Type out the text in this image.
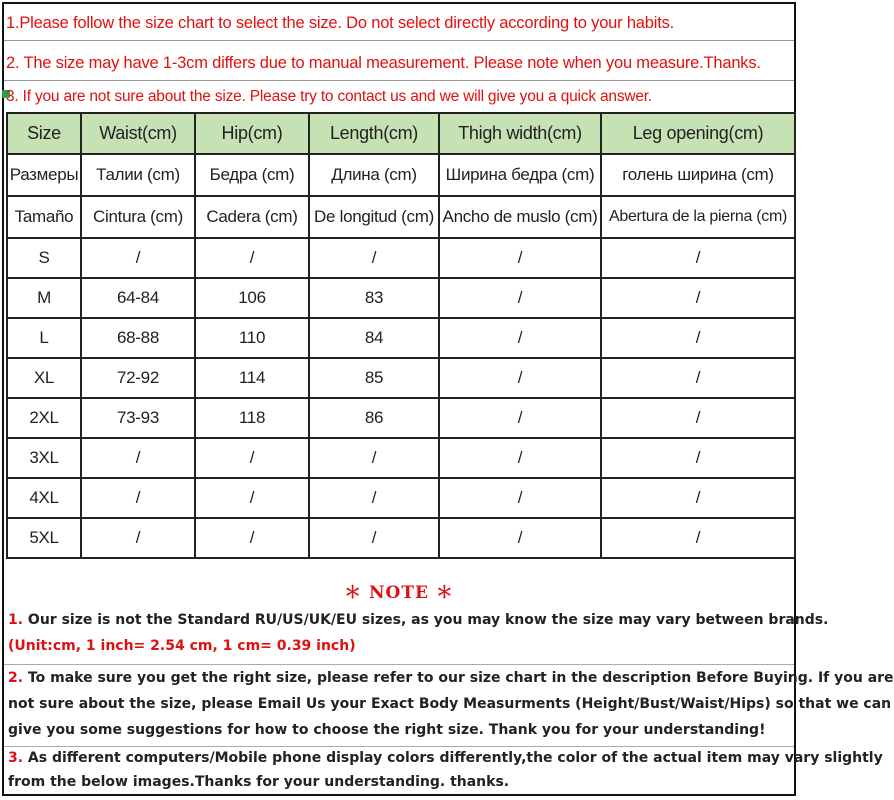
1.Please follow the size chart to select the size. Do not select directly according to your habits.
2. The size may have 1-3cm differs due to manual measurement. Please note when you measure.Thanks.
3. If you are not sure about the size. Please try to contact us and we will give you a quick answer.
Size	Waist(cm)	Hip(cm)	Length(cm)	Thigh width(cm)	Leg opening(cm)
Размеры	Талии (cm)	Бедра (cm)	Длина (cm)	Ширина бедра (cm)	голень ширина (cm)
Tamaño	Cintura (cm)	Cadera (cm)	De longitud (cm)	Ancho de muslo (cm)	Abertura de la pierna (cm)
S	/	/	/	/	/
M	64-84	106	83	/	/
L	68-88	110	84	/	/
XL	72-92	114	85	/	/
2XL	73-93	118	86	/	/
3XL	/	/	/	/	/
4XL	/	/	/	/	/
5XL	/	/	/	/	/
＊ NOTE ＊
1. Our size is not the Standard RU/US/UK/EU sizes, as you may know the size may vary between brands.
(Unit:cm, 1 inch= 2.54 cm, 1 cm= 0.39 inch)
2. To make sure you get the right size, please refer to our size chart in the description Before Buying. If you are
not sure about the size, please Email Us your Exact Body Measurments (Height/Bust/Waist/Hips) so that we can
give you some suggestions for how to choose the right size. Thank you for your understanding!
3. As different computers/Mobile phone display colors differently,the color of the actual item may vary slightly
from the below images.Thanks for your understanding. thanks.
